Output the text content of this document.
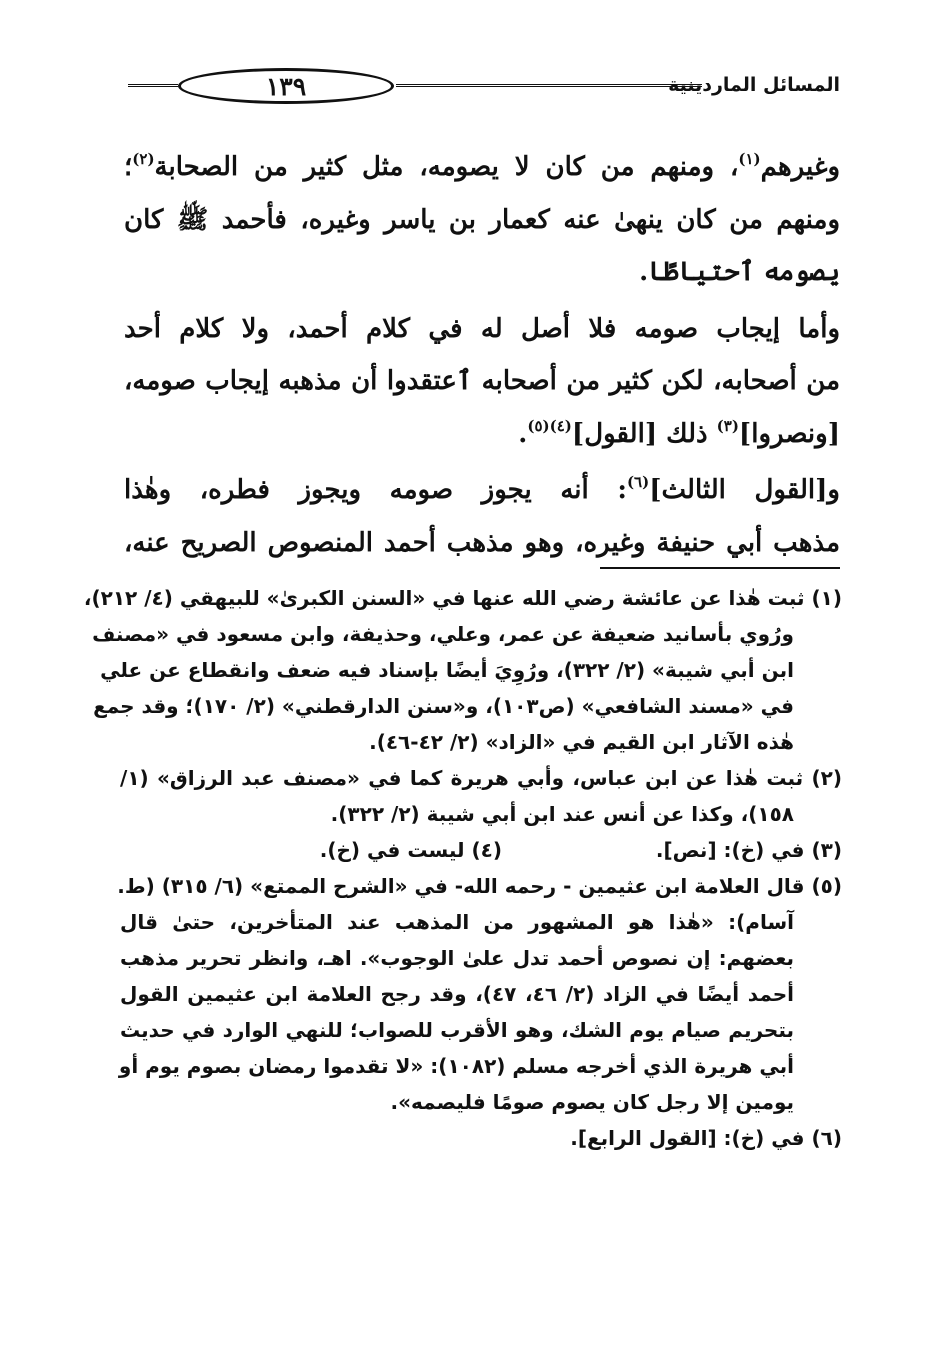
١٣٩	المسائل الماردينية
وغيرهم$^{(١)}$، ومنهم من كان لا يصومه، مثل كثير من الصحابة$^{(٢)}$؛
ومنهم من كان ينهىٰ عنه كعمار بن ياسر وغيره، فأحمد ﷺ كان
يصومه ٱحتياطًا.
وأما إيجاب صومه فلا أصل له في كلام أحمد، ولا كلام أحد
من أصحابه، لكن كثير من أصحابه ٱعتقدوا أن مذهبه إيجاب صومه،
[ونصروا]$^{(٣)}$ ذلك [القول]$^{(٤)(٥)}$.
و[القول الثالث]$^{(٦)}$: أنه يجوز صومه ويجوز فطره، وهٰذا
مذهب أبي حنيفة وغيره، وهو مذهب أحمد المنصوص الصريح عنه،
(١) ثبت هٰذا عن عائشة رضي الله عنها في «السنن الكبرىٰ» للبيهقي (٤/ ٢١٢)،
ورُوي بأسانيد ضعيفة عن عمر، وعلي، وحذيفة، وابن مسعود في «مصنف
ابن أبي شيبة» (٢/ ٣٢٢)، ورُوِيَ أيضًا بإسناد فيه ضعف وانقطاع عن علي
في «مسند الشافعي» (ص١٠٣)، و«سنن الدارقطني» (٢/ ١٧٠)؛ وقد جمع
هٰذه الآثار ابن القيم في «الزاد» (٢/ ٤٢-٤٦).
(٢) ثبت هٰذا عن ابن عباس، وأبي هريرة كما في «مصنف عبد الرزاق» (١/
١٥٨)، وكذا عن أنس عند ابن أبي شيبة (٢/ ٣٢٢).
(٣) في (خ): [نص].(٤) ليست في (خ).
(٥) قال العلامة ابن عثيمين - رحمه الله- في «الشرح الممتع» (٦/ ٣١٥) (ط.
آسام): «هٰذا هو المشهور من المذهب عند المتأخرين، حتىٰ قال
بعضهم: إن نصوص أحمد تدل علىٰ الوجوب». اهـ، وانظر تحرير مذهب
أحمد أيضًا في الزاد (٢/ ٤٦، ٤٧)، وقد رجح العلامة ابن عثيمين القول
بتحريم صيام يوم الشك، وهو الأقرب للصواب؛ للنهي الوارد في حديث
أبي هريرة الذي أخرجه مسلم (١٠٨٢): «لا تقدموا رمضان بصوم يوم أو
يومين إلا رجل كان يصوم صومًا فليصمه».
(٦) في (خ): [القول الرابع].
